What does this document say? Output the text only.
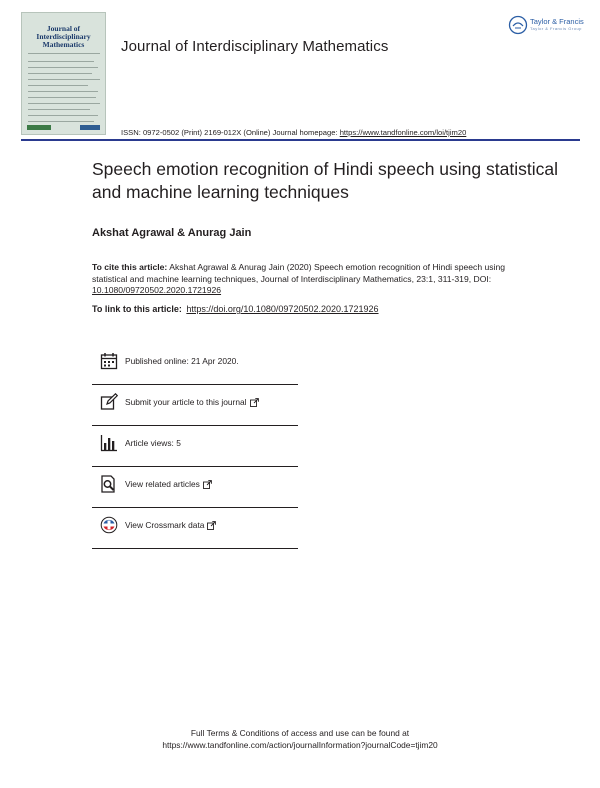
Journal of Interdisciplinary Mathematics	Journal of Interdisciplinary Mathematics
ISSN: 0972-0502 (Print) 2169-012X (Online) Journal homepage: https://www.tandfonline.com/loi/tjim20
Taylor & Francis
Taylor & Francis Group
Speech emotion recognition of Hindi speech using statistical and machine learning techniques
Akshat Agrawal & Anurag Jain
To cite this article: Akshat Agrawal & Anurag Jain (2020) Speech emotion recognition of Hindi speech using statistical and machine learning techniques, Journal of Interdisciplinary Mathematics, 23:1, 311-319, DOI: 10.1080/09720502.2020.1721926
To link to this article: https://doi.org/10.1080/09720502.2020.1721926
Published online: 21 Apr 2020.
Submit your article to this journal
Article views: 5
View related articles
View Crossmark data
Full Terms & Conditions of access and use can be found at
https://www.tandfonline.com/action/journalInformation?journalCode=tjim20
